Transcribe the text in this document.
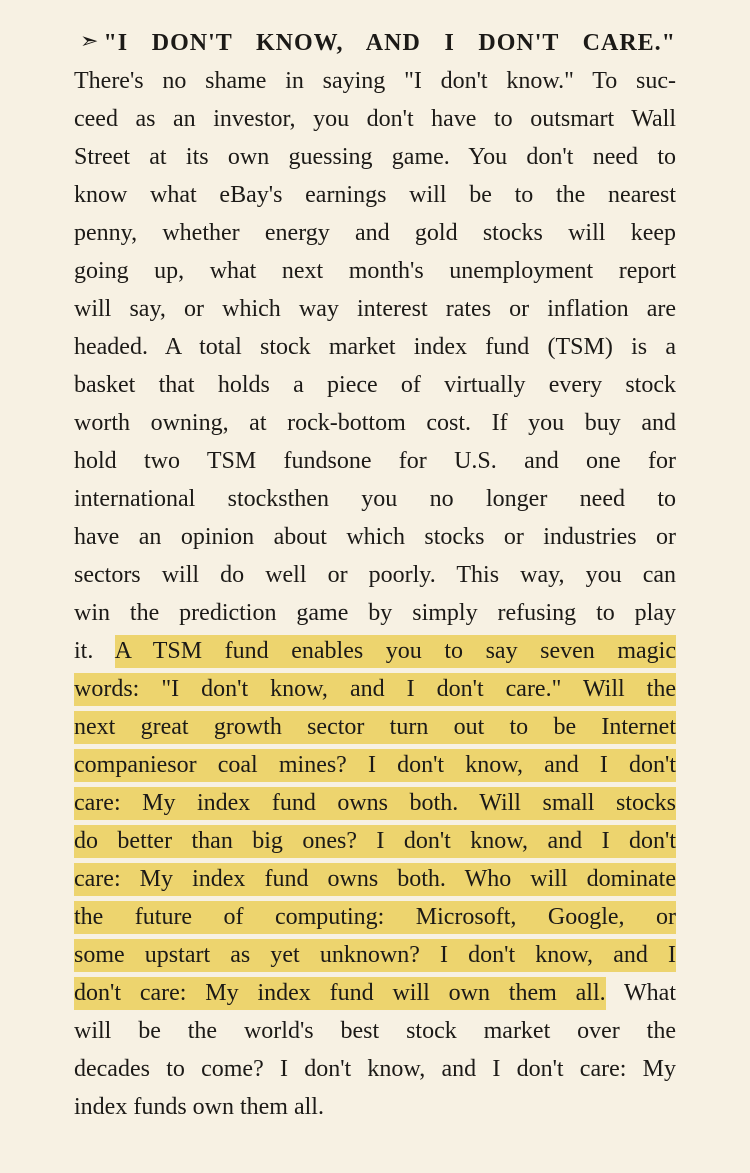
➣ "I DON'T KNOW, AND I DON'T CARE."
There's no shame in saying "I don't know." To suc-
ceed as an investor, you don't have to outsmart Wall
Street at its own guessing game. You don't need to
know what eBay's earnings will be to the nearest
penny, whether energy and gold stocks will keep
going up, what next month's unemployment report
will say, or which way interest rates or inflation are
headed. A total stock market index fund (TSM) is a
basket that holds a piece of virtually every stock
worth owning, at rock-bottom cost. If you buy and
hold two TSM fundsone for U.S. and one for
international stocksthen you no longer need to
have an opinion about which stocks or industries or
sectors will do well or poorly. This way, you can
win the prediction game by simply refusing to play
it. A TSM fund enables you to say seven magic
words: "I don't know, and I don't care." Will the
next great growth sector turn out to be Internet
companiesor coal mines? I don't know, and I don't
care: My index fund owns both. Will small stocks
do better than big ones? I don't know, and I don't
care: My index fund owns both. Who will dominate
the future of computing: Microsoft, Google, or
some upstart as yet unknown? I don't know, and I
don't care: My index fund will own them all. What
will be the world's best stock market over the
decades to come? I don't know, and I don't care: My
index funds own them all.
